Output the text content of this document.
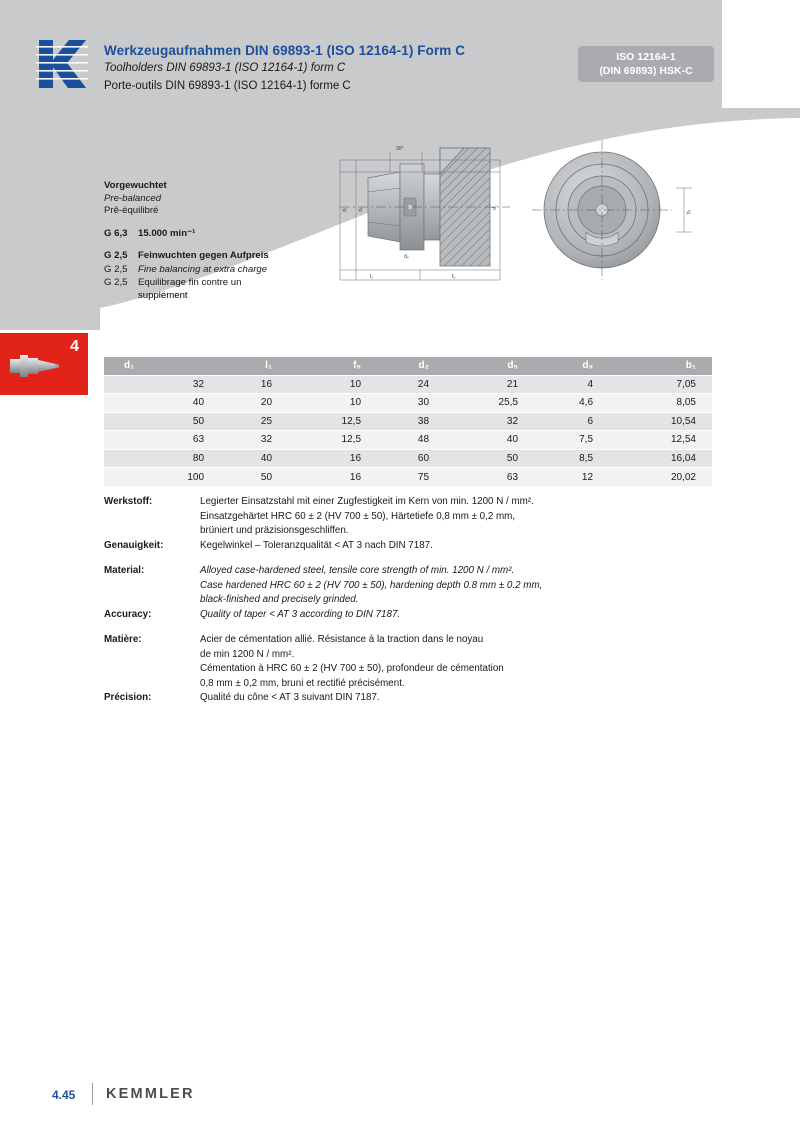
Werkzeugaufnahmen DIN 69893-1 (ISO 12164-1) Form C
Toolholders DIN 69893-1 (ISO 12164-1) form C
Porte-outils DIN 69893-1 (ISO 12164-1) forme C
ISO 12164-1
(DIN 69893) HSK-C
Vorgewuchtet
Pre-balanced
Prê-équilibré
G 6,3	15.000 min⁻¹
G 2,5	Feinwuchten gegen Aufpreis
G 2,5	Fine balancing at extra charge
G 2,5	Equilibrage fin contre un
supplément
4
30°
d₁ d₅	d₂
d₉
l₁	f₅
b₁
d₁	l₁	f₅	d₂	d₅	d₉	b₁
32	16	10	24	21	4	7,05
40	20	10	30	25,5	4,6	8,05
50	25	12,5	38	32	6	10,54
63	32	12,5	48	40	7,5	12,54
80	40	16	60	50	8,5	16,04
100	50	16	75	63	12	20,02
Werkstoff:	Legierter Einsatzstahl mit einer Zugfestigkeit im Kern von min. 1200 N / mm².
Einsatzgehärtet HRC 60 ± 2 (HV 700 ± 50), Härtetiefe 0,8 mm ± 0,2 mm,
brüniert und präzisionsgeschliffen.
Genauigkeit:	Kegelwinkel – Toleranzqualität < AT 3 nach DIN 7187.
Material:	Alloyed case-hardened steel, tensile core strength of min. 1200 N / mm².
Case hardened HRC 60 ± 2 (HV 700 ± 50), hardening depth 0.8 mm ± 0.2 mm,
black-finished and precisely grinded.
Accuracy:	Quality of taper < AT 3 according to DIN 7187.
Matière:	Acier de cémentation allié. Résistance à la traction dans le noyau
de min 1200 N / mm².
Cémentation à HRC 60 ± 2 (HV 700 ± 50), profondeur de cémentation
0,8 mm ± 0,2 mm, bruni et rectifié précisément.
Précision:	Qualité du cône < AT 3 suivant DIN 7187.
4.45 KEMMLER
